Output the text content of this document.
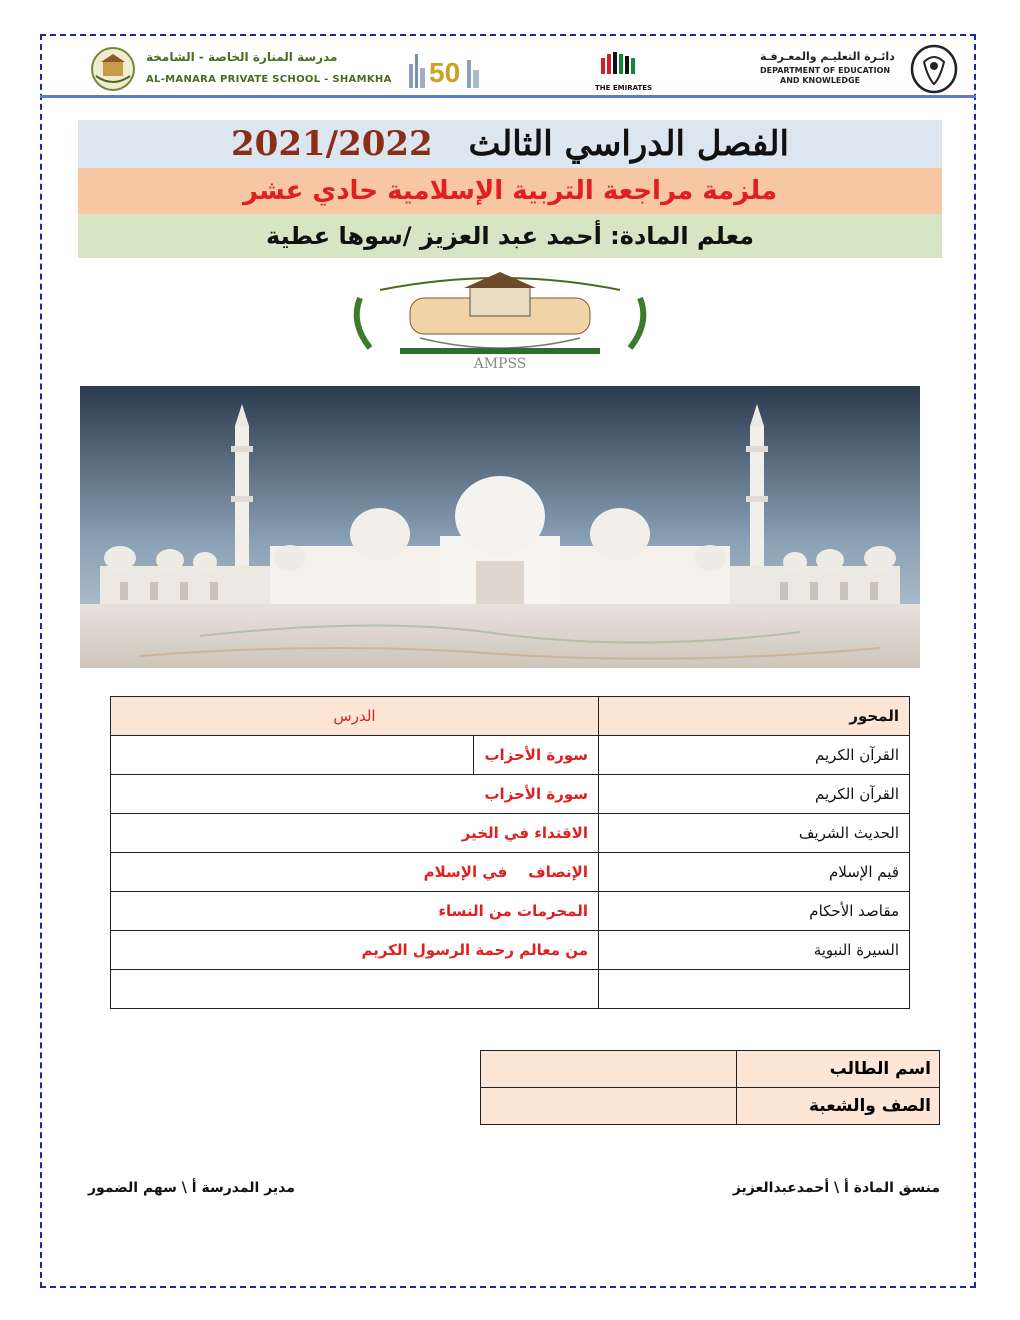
مدرسة المنارة الخاصة - الشامخة
AL-MANARA PRIVATE SCHOOL - SHAMKHA 50	THE EMIRATES
دائـرة التعليـم والمعـرفـة
DEPARTMENT OF EDUCATION
AND KNOWLEDGE
الفصل الدراسي الثالث 2021/2022
ملزمة مراجعة التربية الإسلامية حادي عشر
معلم المادة: أحمد عبد العزيز /سوها عطية
AMPSS
المحور	الدرس
القرآن الكريم	سورة الأحزاب
القرآن الكريم	سورة الأحزاب
الحديث الشريف	الاقتداء في الخير
قيم الإسلام	الإنصاف    في الإسلام
مقاصد الأحكام	المحرمات من النساء
السيرة النبوية	من معالم رحمة الرسول الكريم

اسم الطالب	
الصف والشعبة	
منسق المادة أ \ أحمدعبدالعزيز
مدير المدرسة أ \ سهم الضمور
